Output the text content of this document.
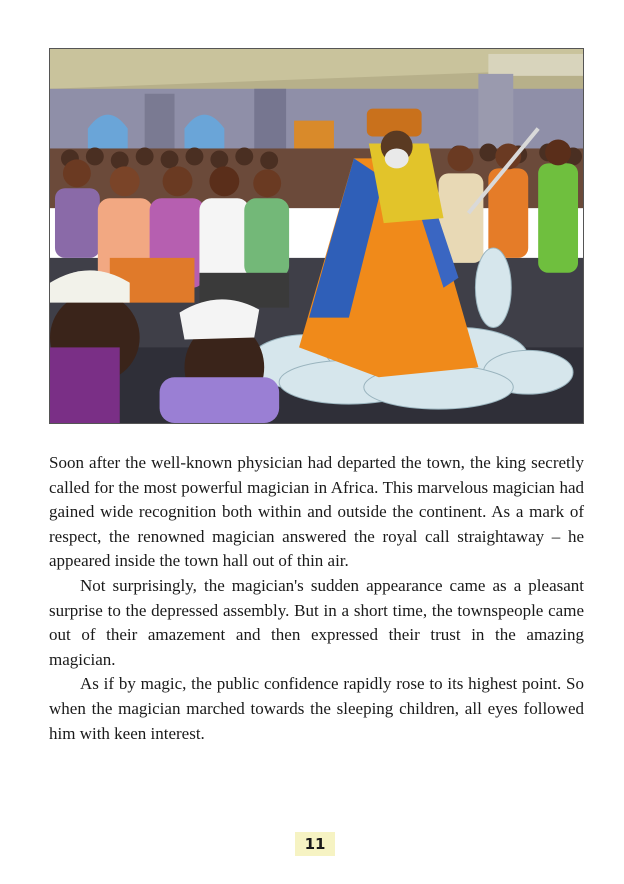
Soon after the well-known physician had departed the town, the king secretly called for the most powerful magician in Africa. This marvelous magician had gained wide recognition both within and outside the continent. As a mark of respect, the renowned magician answered the royal call straightaway – he appeared inside the town hall out of thin air.

Not surprisingly, the magician's sudden appearance came as a pleasant surprise to the depressed assembly. But in a short time, the townspeople came out of their amazement and then expressed their trust in the amazing magician.

As if by magic, the public confidence rapidly rose to its highest point. So when the magician marched towards the sleeping children, all eyes followed him with keen interest.

11
